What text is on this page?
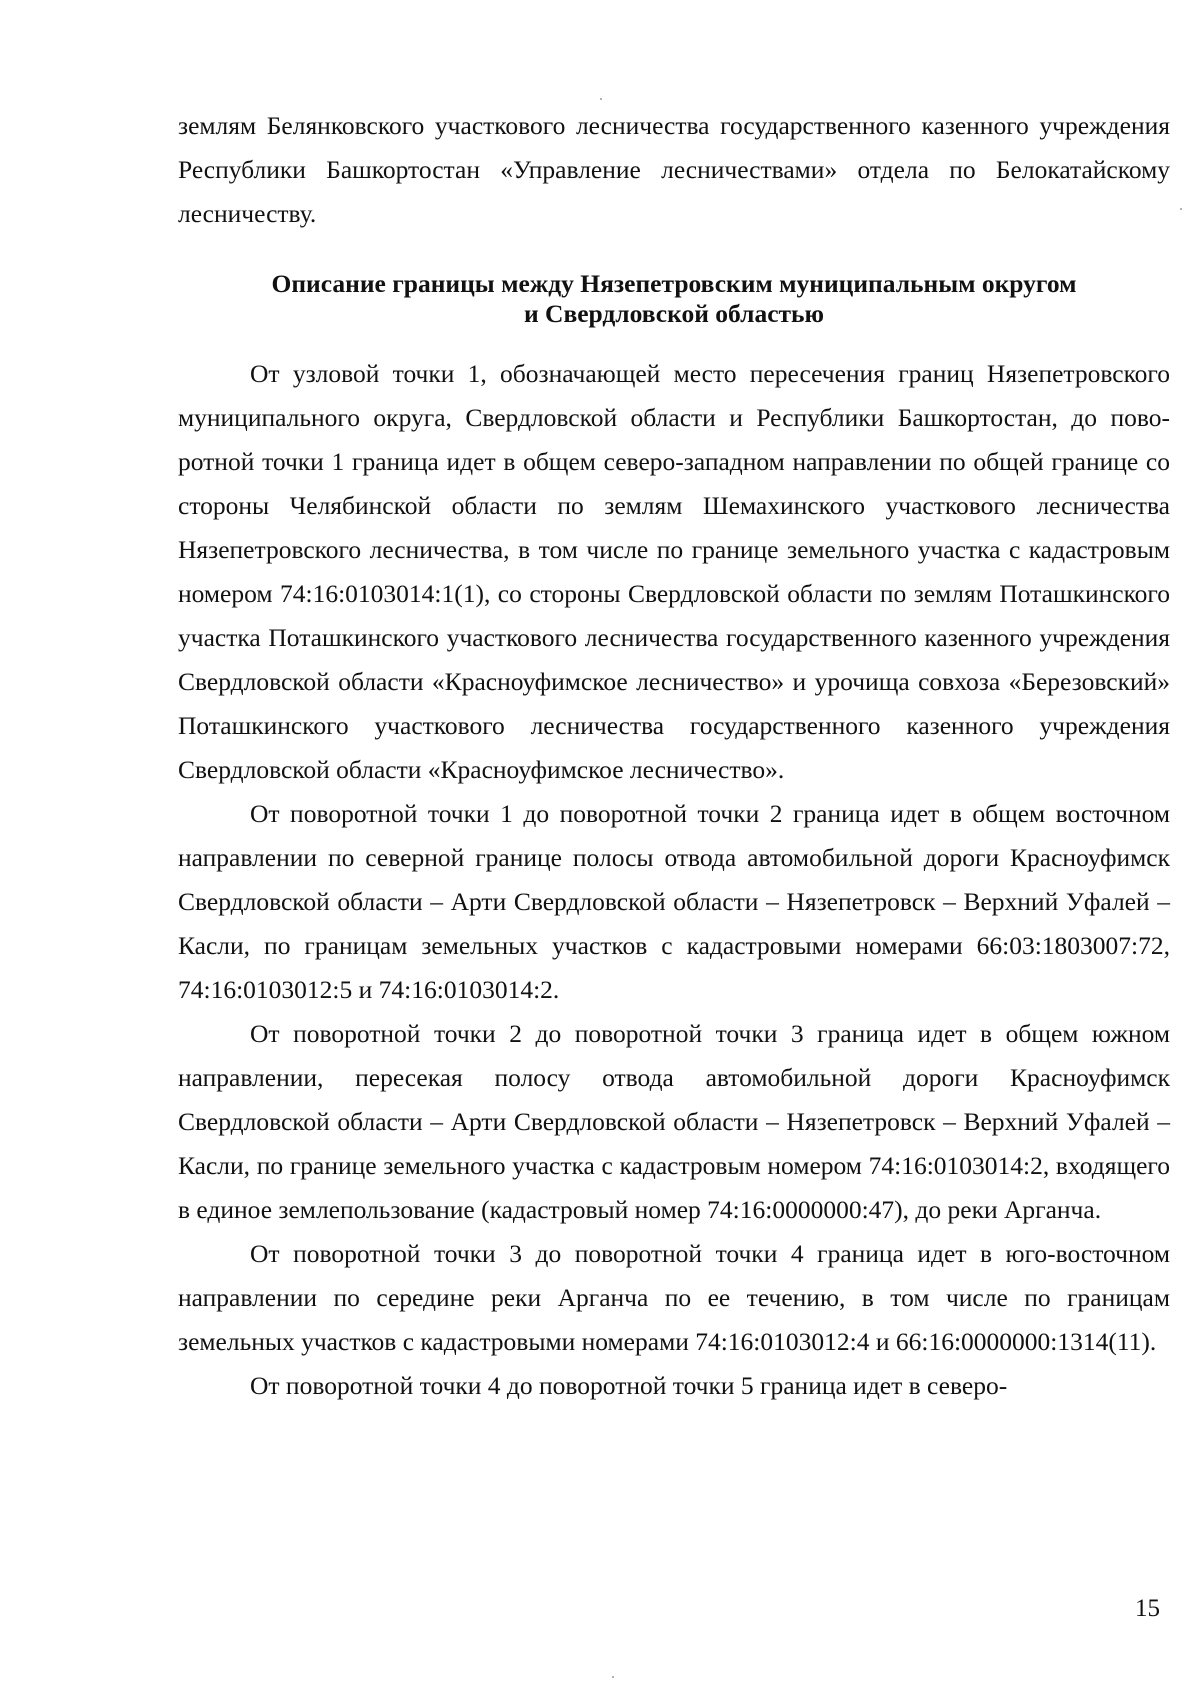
землям Белянковского участкового лесничества государственного казенного учреждения Республики Башкортостан «Управление лесничествами» отдела по Белокатайскому лесничеству.

Описание границы между Нязепетровским муниципальным округом
и Свердловской областью

От узловой точки 1, обозначающей место пересечения границ Нязепетровского муниципального округа, Свердловской области и Республики Башкортостан, до поворотной точки 1 граница идет в общем северо-западном направлении по общей границе со стороны Челябинской области по землям Шемахинского участкового лесничества Нязепетровского лесничества, в том числе по границе земельного участка с кадастровым номером 74:16:0103014:1(1), со стороны Свердловской области по землям Поташкинского участка Поташкинского участкового лесничества государственного казенного учреждения Свердловской области «Красноуфимское лесничество» и урочища совхоза «Березовский» Поташкинского участкового лесничества государственного казенного учреждения Свердловской области «Красноуфимское лесничество».

От поворотной точки 1 до поворотной точки 2 граница идет в общем восточном направлении по северной границе полосы отвода автомобильной дороги Красноуфимск Свердловской области – Арти Свердловской области – Нязепетровск – Верхний Уфалей – Касли, по границам земельных участков с кадастровыми номерами 66:03:1803007:72, 74:16:0103012:5 и 74:16:0103014:2.

От поворотной точки 2 до поворотной точки 3 граница идет в общем южном направлении, пересекая полосу отвода автомобильной дороги Красноуфимск Свердловской области – Арти Свердловской области – Нязепетровск – Верхний Уфалей – Касли, по границе земельного участка с кадастровым номером 74:16:0103014:2, входящего в единое землепользование (кадастровый номер 74:16:0000000:47), до реки Арганча.

От поворотной точки 3 до поворотной точки 4 граница идет в юго-восточном направлении по середине реки Арганча по ее течению, в том числе по границам земельных участков с кадастровыми номерами 74:16:0103012:4 и 66:16:0000000:1314(11).

От поворотной точки 4 до поворотной точки 5 граница идет в северо-

15
